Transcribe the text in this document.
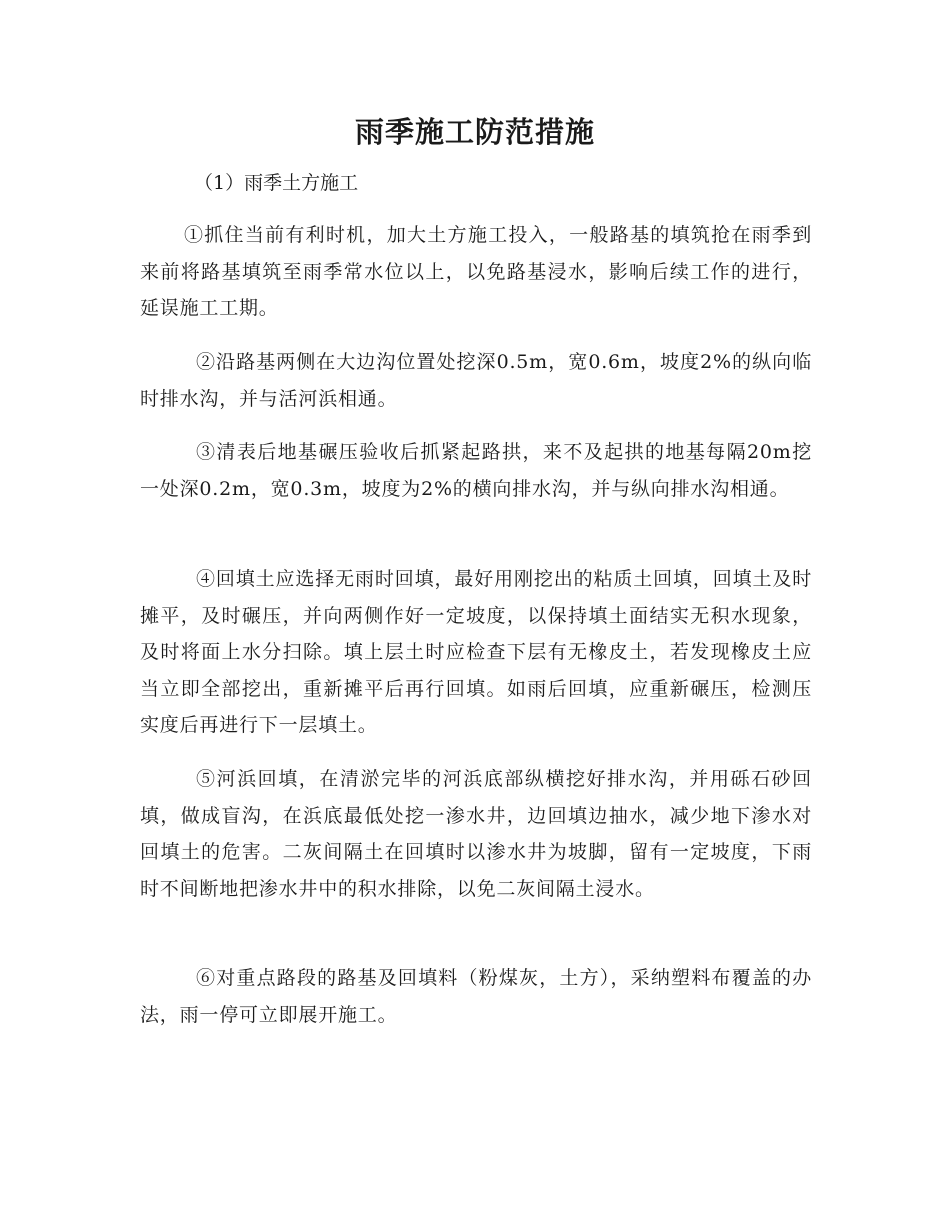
雨季施工防范措施

（1）雨季土方施工

①抓住当前有利时机，加大土方施工投入，一般路基的填筑抢在雨季到来前将路基填筑至雨季常水位以上，以免路基浸水，影响后续工作的进行，延误施工工期。

②沿路基两侧在大边沟位置处挖深0.5m，宽0.6m，坡度2%的纵向临时排水沟，并与活河浜相通。

③清表后地基碾压验收后抓紧起路拱，来不及起拱的地基每隔20m挖一处深0.2m，宽0.3m，坡度为2%的横向排水沟，并与纵向排水沟相通。

④回填土应选择无雨时回填，最好用刚挖出的粘质土回填，回填土及时摊平，及时碾压，并向两侧作好一定坡度，以保持填土面结实无积水现象，及时将面上水分扫除。填上层土时应检查下层有无橡皮土，若发现橡皮土应当立即全部挖出，重新摊平后再行回填。如雨后回填，应重新碾压，检测压实度后再进行下一层填土。

⑤河浜回填，在清淤完毕的河浜底部纵横挖好排水沟，并用砾石砂回填，做成盲沟，在浜底最低处挖一渗水井，边回填边抽水，减少地下渗水对回填土的危害。二灰间隔土在回填时以渗水井为坡脚，留有一定坡度，下雨时不间断地把渗水井中的积水排除，以免二灰间隔土浸水。

⑥对重点路段的路基及回填料（粉煤灰，土方），采纳塑料布覆盖的办法，雨一停可立即展开施工。
